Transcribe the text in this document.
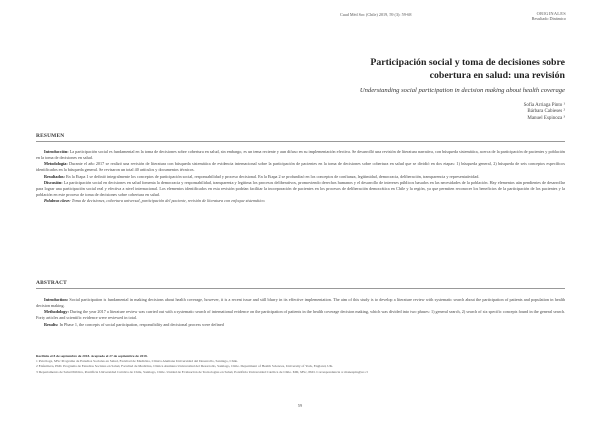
Cuad Méd Soc (Chile) 2019, 59 (3): 59-68	ORIGINALES
Resultado Dinámico
Participación social y toma de decisiones sobre
cobertura en salud: una revisión
Understanding social participation in decision making about health coverage
Sofía Arriaga Pinto ¹
Bárbara Cabieses ²
Manuel Espinoza ³
RESUMEN

Introducción: La participación social es fundamental en la toma de decisiones sobre cobertura en salud, sin embargo, es un tema reciente y aun difuso en su implementación efectiva. Se desarrolló una revisión de literatura narrativa, con búsqueda sistemática, acerca de la participación de pacientes y población en la toma de decisiones en salud.

Metodología: Durante el año 2017 se realizó una revisión de literatura con búsqueda sistemática de evidencia internacional sobre la participación de pacientes en la toma de decisiones sobre cobertura en salud que se dividió en dos etapas: 1) búsqueda general, 2) búsqueda de seis conceptos específicos identificados en la búsqueda general. Se revisaron un total 40 artículos y documentos técnicos.

Resultados: En la Etapa 1 se definió integralmente los conceptos de participación social, responsabilidad y proceso decisional. En la Etapa 2 se profundizó en los conceptos de confianza, legitimidad, democracia, deliberación, transparencia y representatividad.

Discusión: La participación social en decisiones en salud fomenta la democracia y responsabilidad, transparenta y legitima los procesos deliberativos, promoviendo derechos humanos y el desarrollo de intereses públicos basados en las necesidades de la población. Hay elementos aún pendientes de desarrollar para lograr una participación social real y efectiva a nivel internacional. Los elementos identificados en esta revisión podrían facilitar la incorporación de pacientes en los procesos de deliberación democrática en Chile y la región, ya que permiten reconocer los beneficios de la participación de los pacientes y la población en este proceso de toma de decisiones sobre cobertura en salud.

Palabras clave: Toma de decisiones, cobertura universal, participación del paciente, revisión de literatura con enfoque sistemático.

ABSTRACT

Introduction: Social participation is fundamental in making decisions about health coverage, however, it is a recent issue and still blurry in its effective implementation. The aim of this study is to develop a literature review with systematic search about the participation of patients and population in health decision making.

Methodology: During the year 2017 a literature review was carried out with a systematic search of international evidence on the participation of patients in the health coverage decision making, which was divided into two phases: 1) general search, 2) search of six specific concepts found in the general search. Forty articles and scientific evidence were reviewed in total.

Results: In Phase 1, the concepts of social participation, responsibility and decisional process were defined

Recibido el 8 de septiembre de 2018. Aceptado el 27 de septiembre de 2018.
1 Psicóloga, MSc Programa de Estudios Sociales en Salud, Facultad de Medicina, Clínica Alemana Universidad del Desarrollo, Santiago, Chile.
2 Enfermera, PhD. Programa de Estudios Sociales en Salud, Facultad de Medicina, Clínica Alemana Universidad del Desarrollo, Santiago, Chile. Department of Health Sciences, University of York, England, UK.
3 Departamento de Salud Pública, Pontificia Universidad Católica de Chile, Santiago, Chile. Unidad de Evaluación de Tecnologías en Salud, Pontificia Universidad Católica de Chile. MD, MSc, PhD. Correspondencia a: manespin@uc.cl
59
